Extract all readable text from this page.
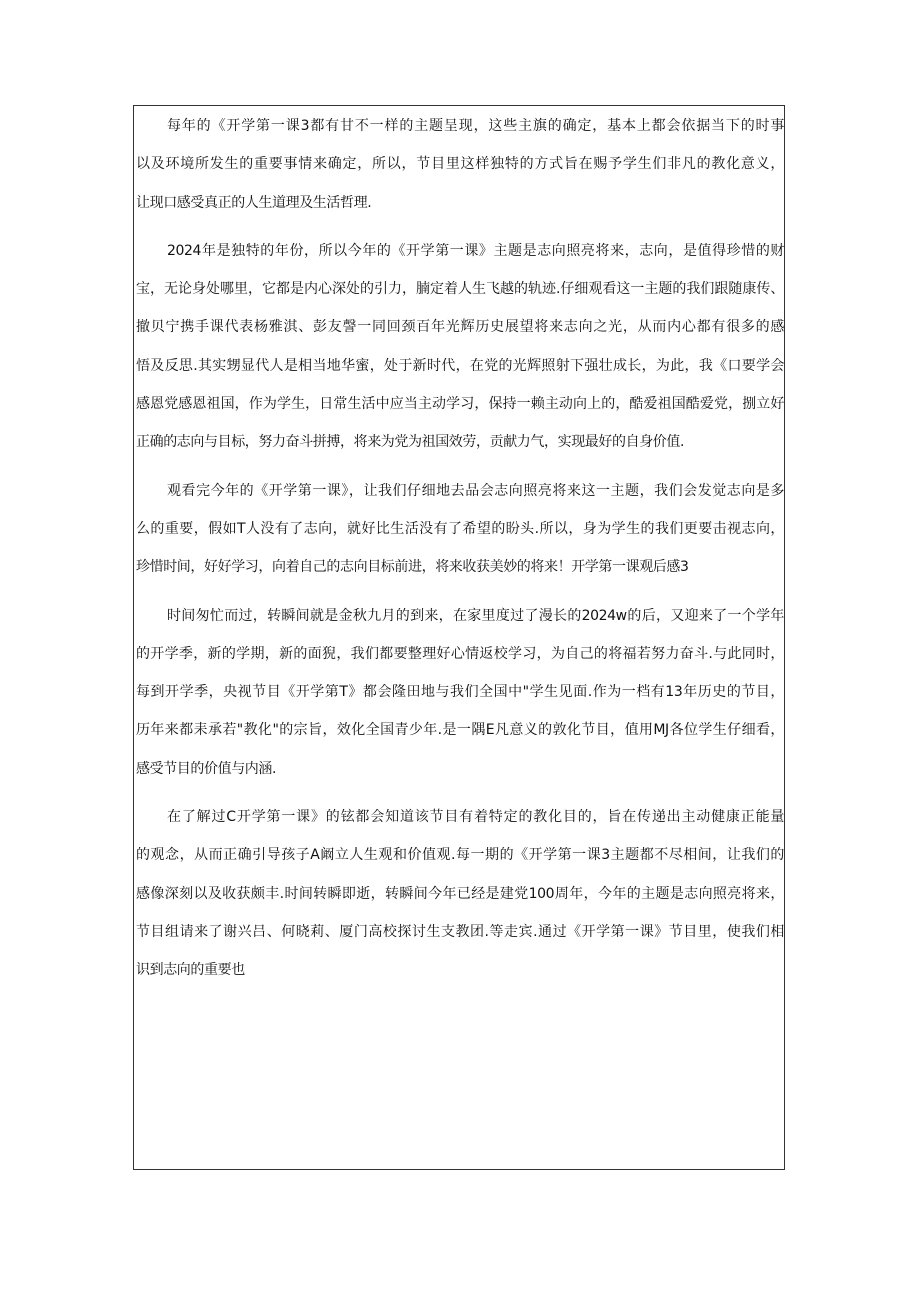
每年的《开学第一课3都有甘不一样的主题呈现，这些主旗的确定，基本上都会依据当下的时事
以及环境所发生的重要事情来确定，所以，节目里这样独特的方式旨在赐予学生们非凡的教化意义，
让现口感受真正的人生道理及生活哲理.
2024年是独特的年份，所以今年的《开学第一课》主题是志向照亮将来，志向，是值得珍惜的财
宝，无论身处哪里，它都是内心深处的引力，腩定着人生飞越的轨迹.仔细观看这一主题的我们跟随康传、
撤贝宁携手课代表杨雅淇、彭友謦一同回颈百年光辉历史展望将来志向之光，从而内心都有很多的感
悟及反思.其实甥显代人是相当地华蜜，处于新时代，在党的光辉照射下强壮成长，为此，我《口要学会
感恩党感恩祖国，作为学生，日常生活中应当主动学习，保持一赖主动向上的，酷爱祖国酷爱党，捌立好
正确的志向与目标，努力奋斗拼搏，将来为党为祖国效劳，贡献力气，实现最好的自身价值.
观看完今年的《开学第一课》，让我们仔细地去品会志向照亮将来这一主题，我们会发觉志向是多
么的重要，假如T人没有了志向，就好比生活没有了希望的盼头.所以，身为学生的我们更要击视志向，
珍惜时间，好好学习，向着自己的志向目标前进，将来收获美妙的将来！开学第一课观后感3
时间匆忙而过，转瞬间就是金秋九月的到来，在家里度过了漫长的2024w的后，又迎来了一个学年
的开学季，新的学期，新的面猊，我们都要整理好心情返校学习，为自己的将福若努力奋斗.与此同时，
每到开学季，央视节目《开学第T》都会隆田地与我们全国中"学生见面.作为一档有13年历史的节目，
历年来都耒承若"教化"的宗旨，效化全国青少年.是一隅E凡意义的敦化节目，值用MJ各位学生仔细看，
感受节目的价值与内涵.
在了解过C开学第一课》的铉都会知道该节目有着特定的教化目的，旨在传递出主动健康正能量
的观念，从而正确引导孩子A阚立人生观和价值观.每一期的《开学第一课3主题都不尽相间，让我们的
感像深刻以及收获颇丰.时间转瞬即逝，转瞬间今年已经是建党100周年，今年的主题是志向照亮将来，
节目组请来了谢兴吕、何晓莉、厦门高校探讨生支教团.等走宾.通过《开学第一课》节目里，使我们相
识到志向的重要也
